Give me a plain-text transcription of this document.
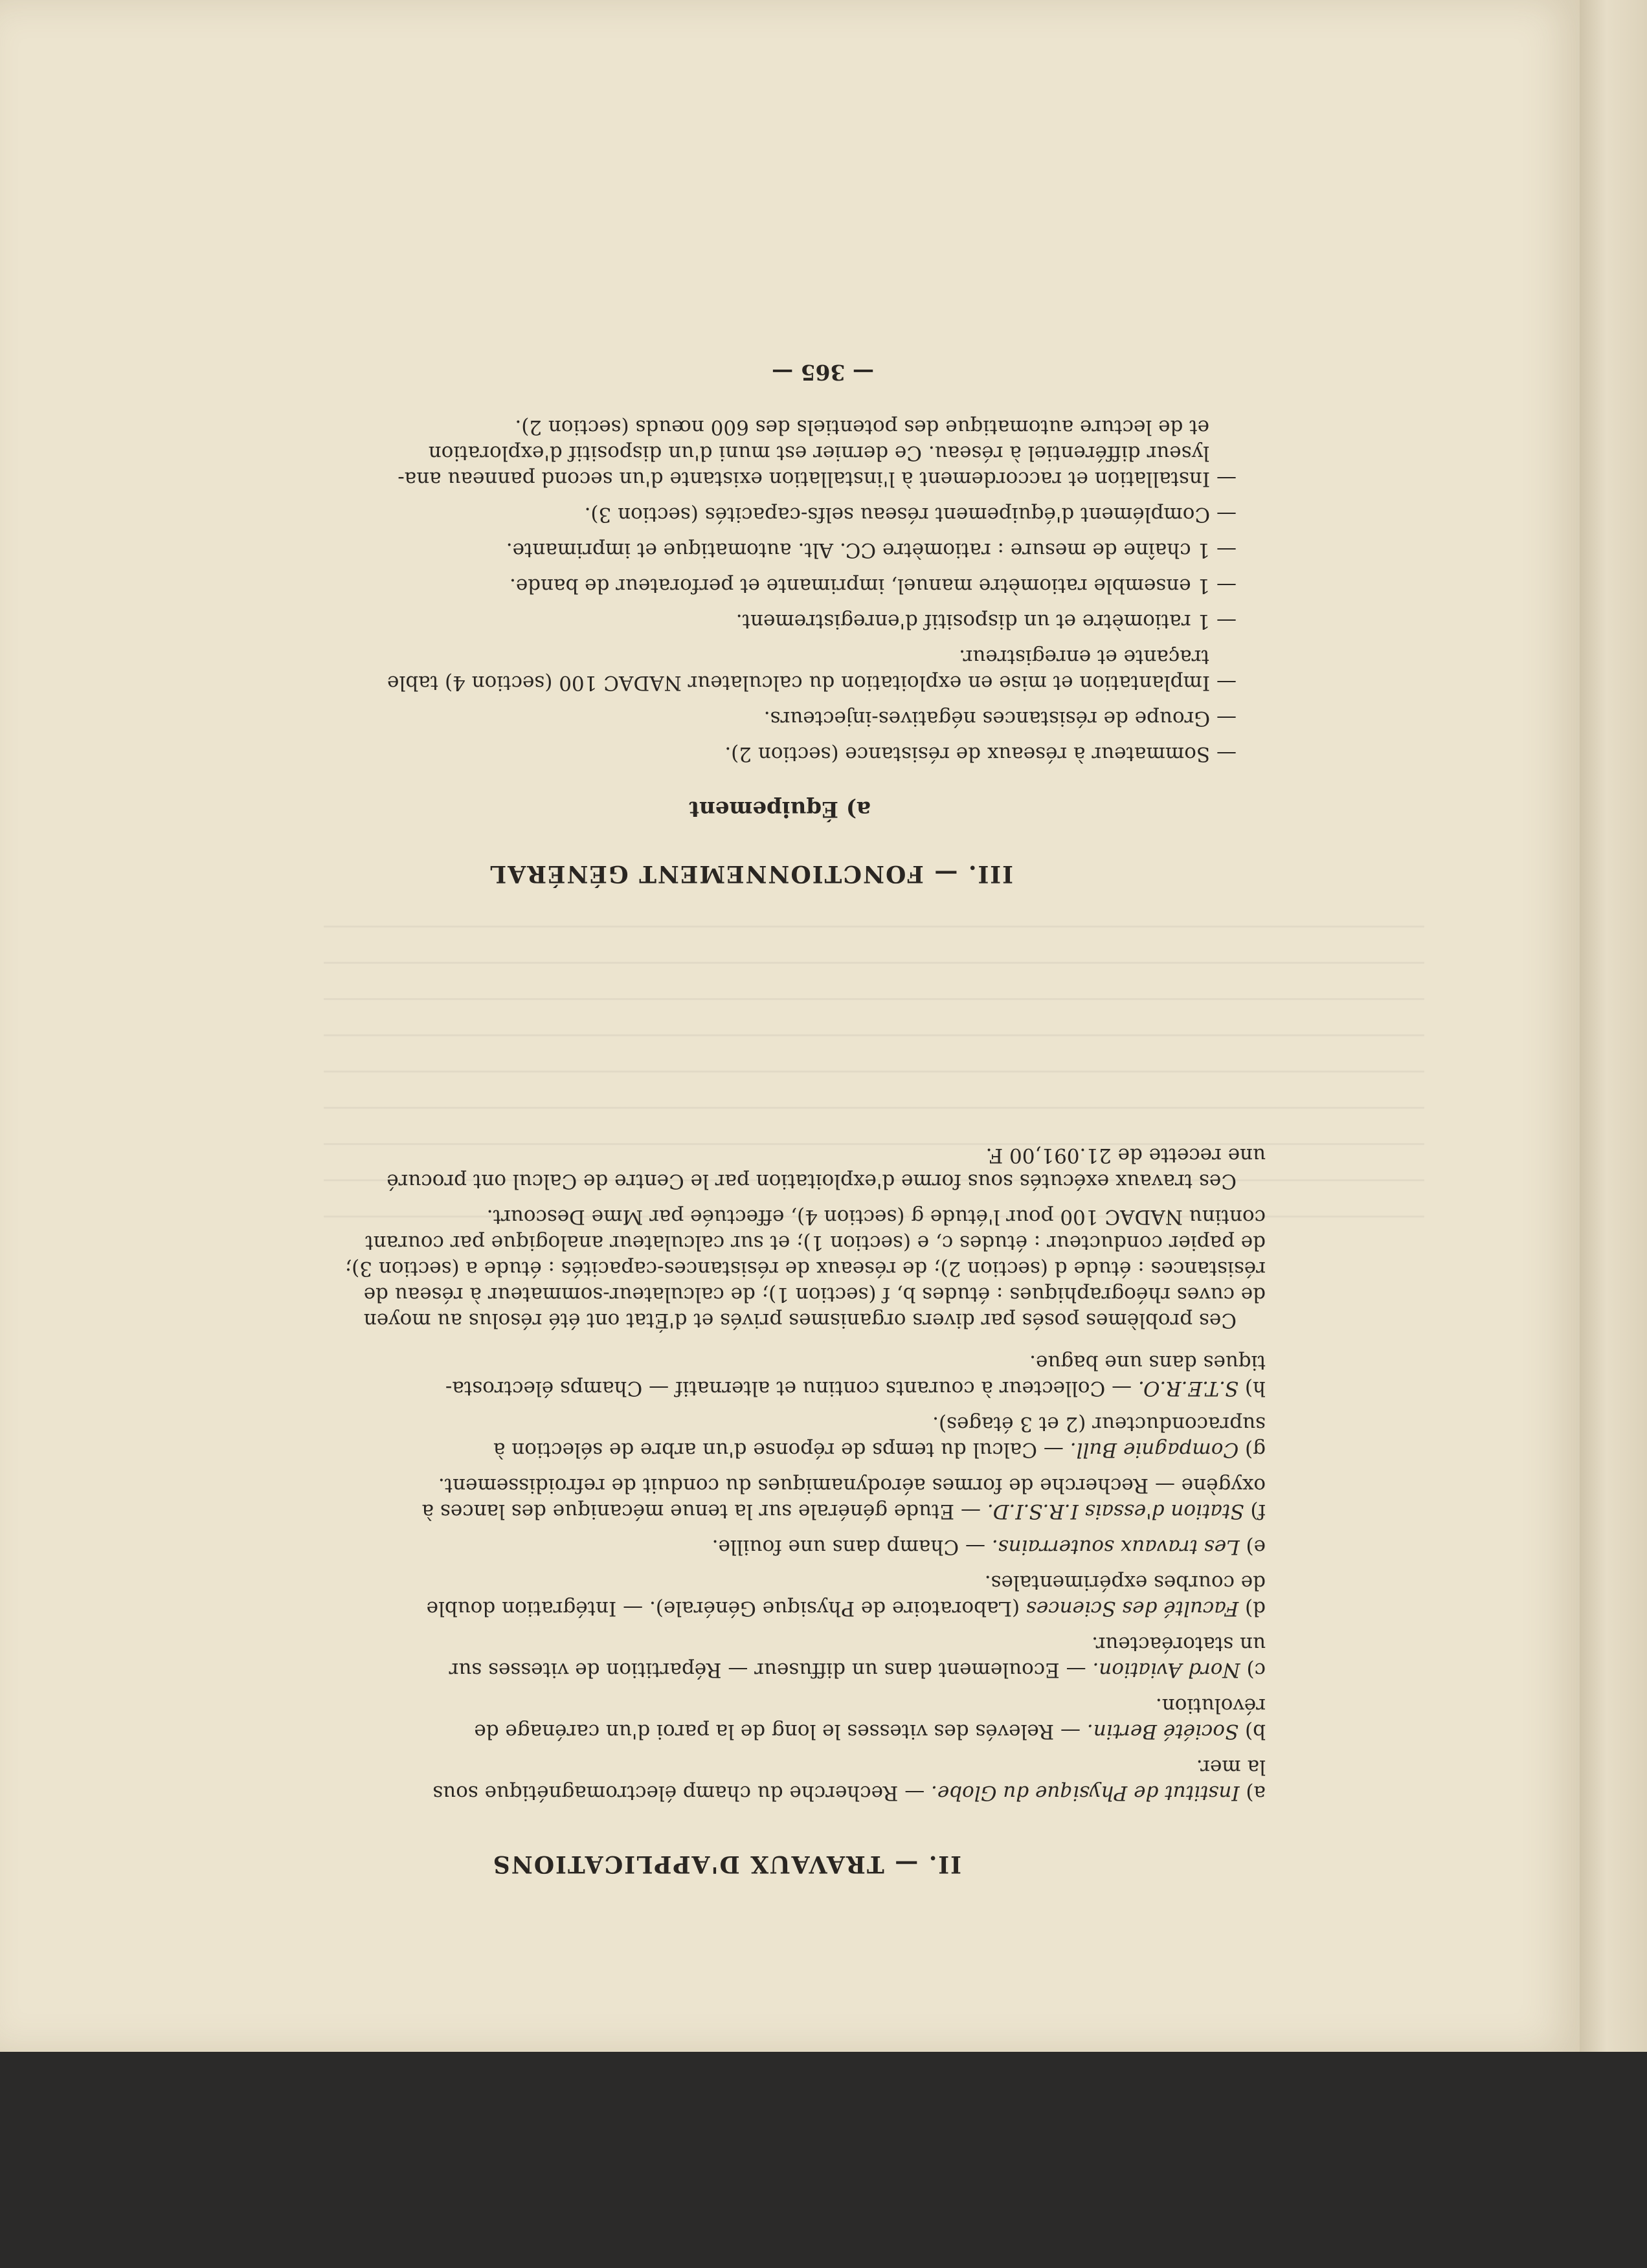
II. — TRAVAUX D'APPLICATIONS
a) Institut de Physique du Globe. — Recherche du champ électromagnétique sous
la mer.
b) Société Bertin. — Relevés des vitesses le long de la paroi d'un carénage de
révolution.
c) Nord Aviation. — Ecoulement dans un diffuseur — Répartition de vitesses sur
un statoréacteur.
d) Faculté des Sciences (Laboratoire de Physique Générale). — Intégration double
de courbes expérimentales.
e) Les travaux souterrains. — Champ dans une fouille.
f) Station d'essais I.R.S.I.D. — Etude générale sur la tenue mécanique des lances à
oxygène — Recherche de formes aérodynamiques du conduit de refroidissement.
g) Compagnie Bull. — Calcul du temps de réponse d'un arbre de sélection à
supraconducteur (2 et 3 étages).
h) S.T.E.R.O. — Collecteur à courants continu et alternatif — Champs électrosta-
tiques dans une bague.
Ces problèmes posés par divers organismes privés et d'État ont été résolus au moyen
de cuves rhéographiques : études b, f (section 1); de calculateur-sommateur à réseau de
résistances : étude d (section 2); de réseaux de résistances-capacités : étude a (section 3);
de papier conducteur : études c, e (section 1); et sur calculateur analogique par courant
continu NADAC 100 pour l'étude g (section 4), effectuée par Mme Descourt.
Ces travaux exécutés sous forme d'exploitation par le Centre de Calcul ont procuré
une recette de 21.091,00 F.
III. — FONCTIONNEMENT GÉNÉRAL
a) Équipement
— Sommateur à réseaux de résistance (section 2).
— Groupe de résistances négatives-injecteurs.
— Implantation et mise en exploitation du calculateur NADAC 100 (section 4) table
traçante et enregistreur.
— 1 ratiomètre et un dispositif d'enregistrement.
— 1 ensemble ratiomètre manuel, imprimante et perforateur de bande.
— 1 chaîne de mesure : ratiomètre CC. Alt. automatique et imprimante.
— Complément d'équipement réseau selfs-capacités (section 3).
— Installation et raccordement à l'installation existante d'un second panneau ana-
lyseur différentiel à réseau. Ce dernier est muni d'un dispositif d'exploration
et de lecture automatique des potentiels des 600 nœuds (section 2).
— 365 —
